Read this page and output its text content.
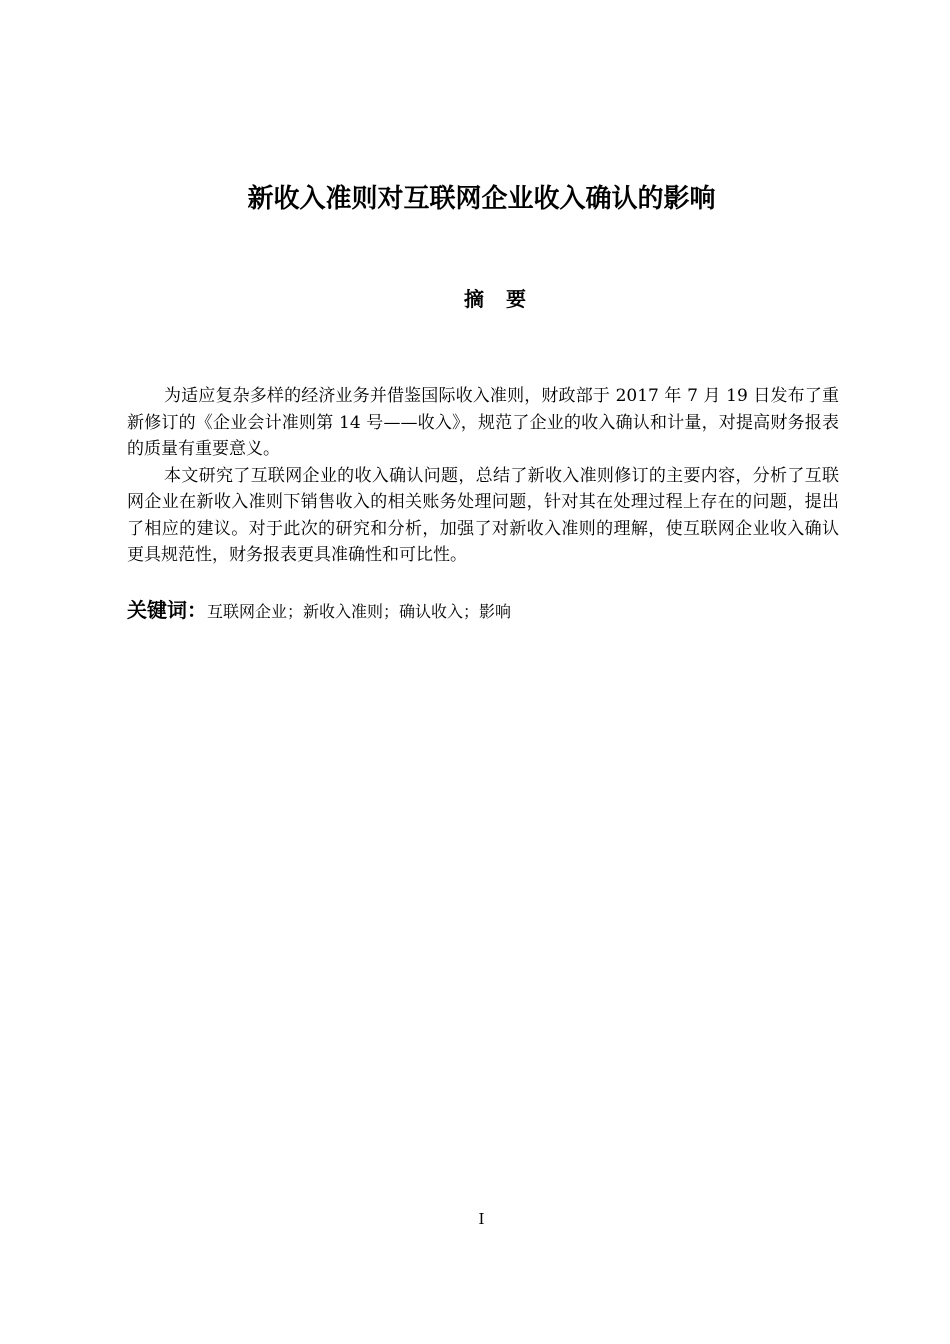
新收入准则对互联网企业收入确认的影响
摘要

为适应复杂多样的经济业务并借鉴国际收入准则，财政部于 2017 年 7 月 19 日发布了重新修订的《企业会计准则第 14 号——收入》，规范了企业的收入确认和计量，对提高财务报表的质量有重要意义。

本文研究了互联网企业的收入确认问题，总结了新收入准则修订的主要内容，分析了互联网企业在新收入准则下销售收入的相关账务处理问题，针对其在处理过程上存在的问题，提出了相应的建议。对于此次的研究和分析，加强了对新收入准则的理解，使互联网企业收入确认更具规范性，财务报表更具准确性和可比性。

关键词：互联网企业；新收入准则；确认收入；影响
I
